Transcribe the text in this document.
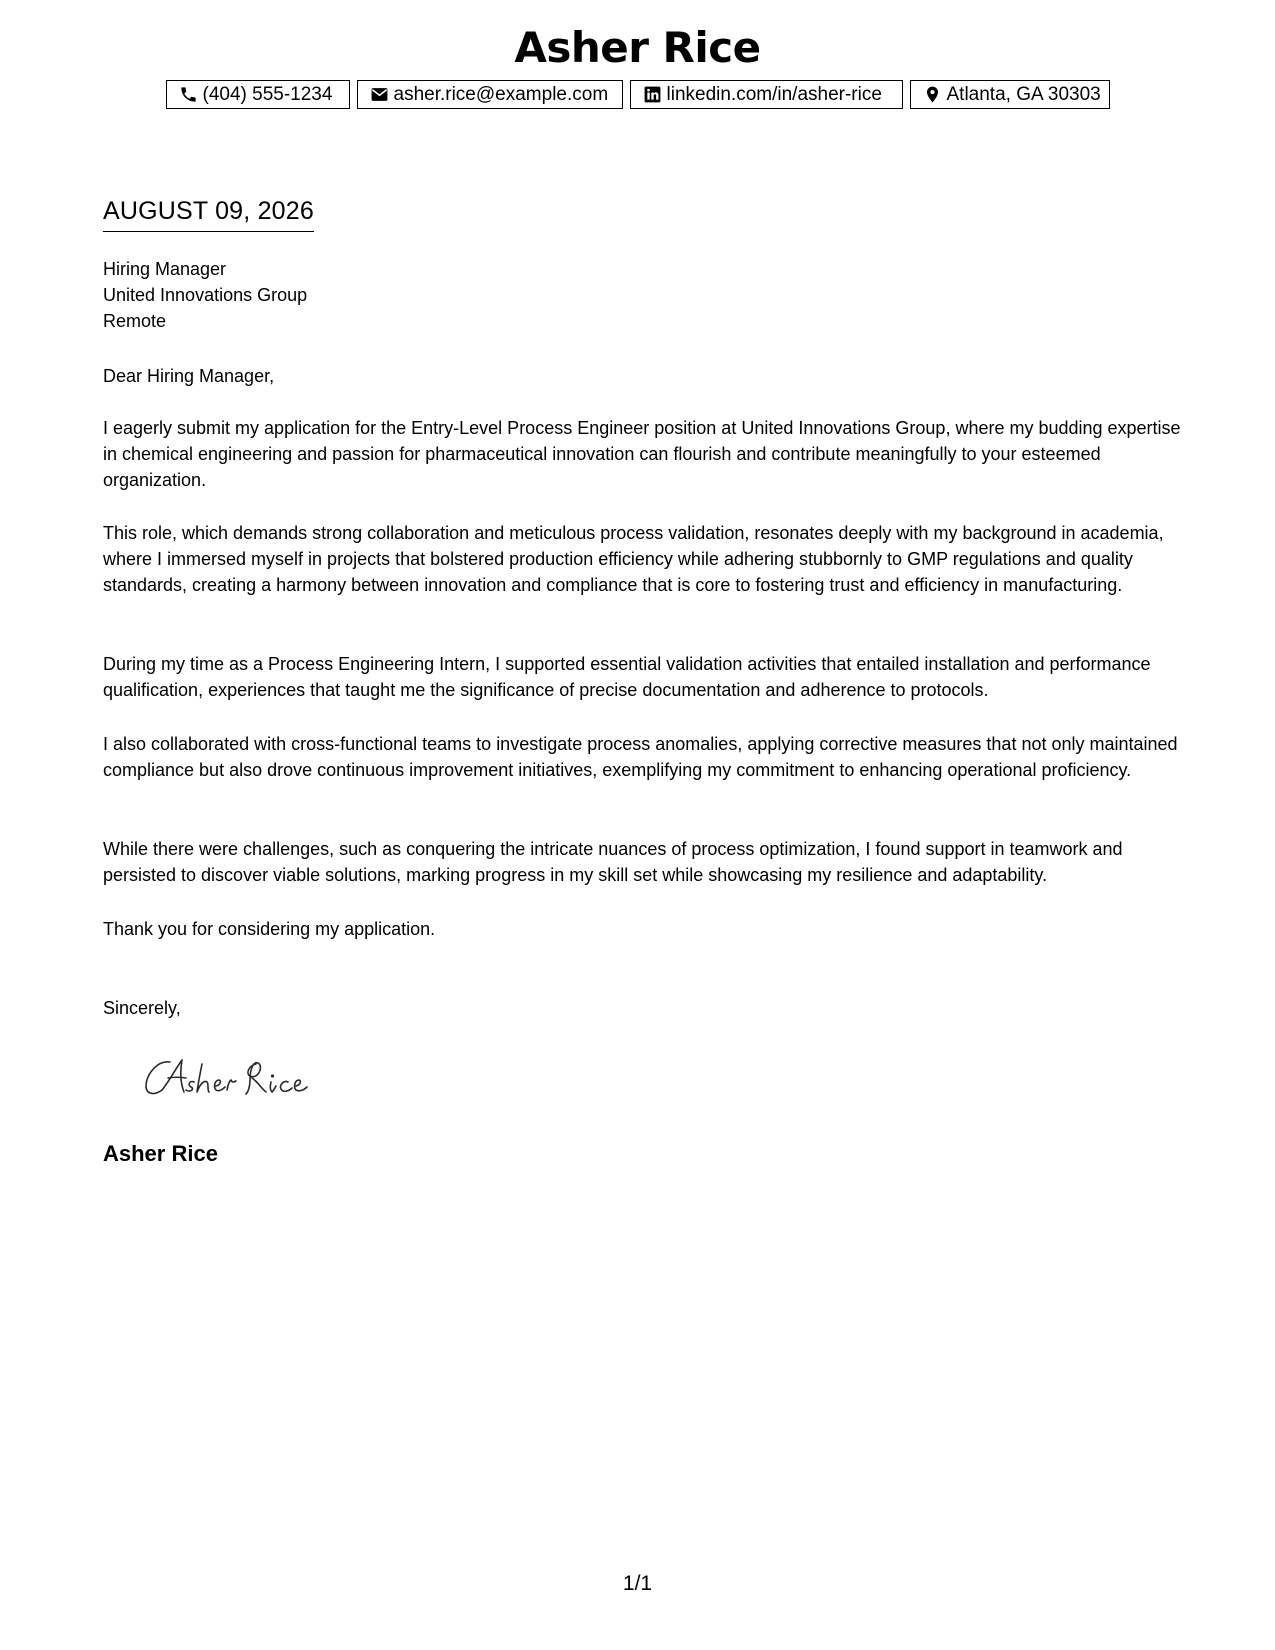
Asher Rice
(404) 555-1234	asher.rice@example.com	linkedin.com/in/asher-rice	Atlanta, GA 30303
AUGUST 09, 2026
Hiring Manager
United Innovations Group
Remote
Dear Hiring Manager,
I eagerly submit my application for the Entry-Level Process Engineer position at United Innovations Group, where my budding expertise in chemical engineering and passion for pharmaceutical innovation can flourish and contribute meaningfully to your esteemed organization.
This role, which demands strong collaboration and meticulous process validation, resonates deeply with my background in academia, where I immersed myself in projects that bolstered production efficiency while adhering stubbornly to GMP regulations and quality standards, creating a harmony between innovation and compliance that is core to fostering trust and efficiency in manufacturing.
During my time as a Process Engineering Intern, I supported essential validation activities that entailed installation and performance qualification, experiences that taught me the significance of precise documentation and adherence to protocols.
I also collaborated with cross-functional teams to investigate process anomalies, applying corrective measures that not only maintained compliance but also drove continuous improvement initiatives, exemplifying my commitment to enhancing operational proficiency.
While there were challenges, such as conquering the intricate nuances of process optimization, I found support in teamwork and persisted to discover viable solutions, marking progress in my skill set while showcasing my resilience and adaptability.
Thank you for considering my application.
Sincerely,
Asher Rice
1/1
